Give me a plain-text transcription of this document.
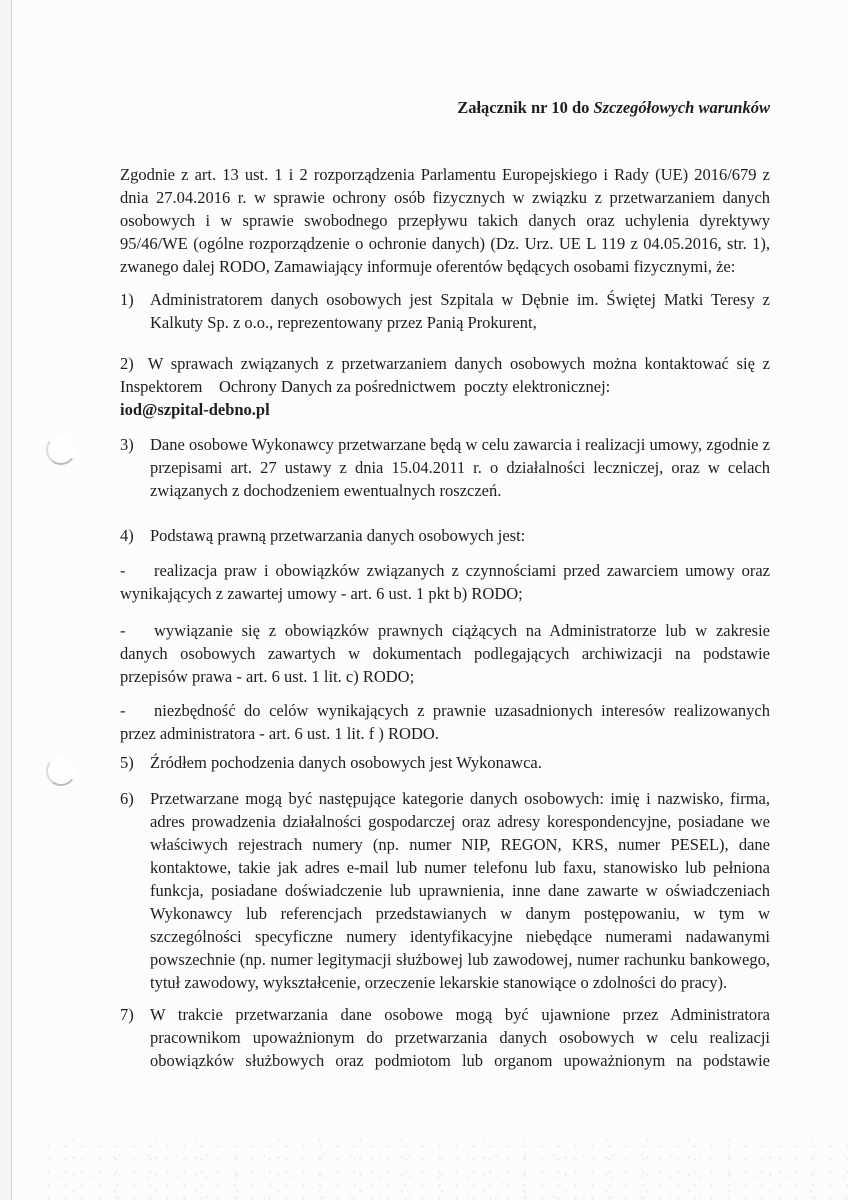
Załącznik nr 10 do Szczegółowych warunków

Zgodnie z art. 13 ust. 1 i 2 rozporządzenia Parlamentu Europejskiego i Rady (UE) 2016/679 z dnia 27.04.2016 r. w sprawie ochrony osób fizycznych w związku z przetwarzaniem danych osobowych i w sprawie swobodnego przepływu takich danych oraz uchylenia dyrektywy 95/46/WE (ogólne rozporządzenie o ochronie danych) (Dz. Urz. UE L 119 z 04.05.2016, str. 1), zwanego dalej RODO, Zamawiający informuje oferentów będących osobami fizycznymi, że:

1) Administratorem danych osobowych jest Szpitala w Dębnie im. Świętej Matki Teresy z Kalkuty Sp. z o.o., reprezentowany przez Panią Prokurent,

2) W sprawach związanych z przetwarzaniem danych osobowych można kontaktować się z Inspektorem Ochrony Danych za pośrednictwem poczty elektronicznej:

iod@szpital-debno.pl

3) Dane osobowe Wykonawcy przetwarzane będą w celu zawarcia i realizacji umowy, zgodnie z przepisami art. 27 ustawy z dnia 15.04.2011 r. o działalności leczniczej, oraz w celach związanych z dochodzeniem ewentualnych roszczeń.
4) Podstawą prawną przetwarzania danych osobowych jest:

- realizacja praw i obowiązków związanych z czynnościami przed zawarciem umowy oraz wynikających z zawartej umowy - art. 6 ust. 1 pkt b) RODO;

- wywiązanie się z obowiązków prawnych ciążących na Administratorze lub w zakresie danych osobowych zawartych w dokumentach podlegających archiwizacji na podstawie przepisów prawa - art. 6 ust. 1 lit. c) RODO;

- niezbędność do celów wynikających z prawnie uzasadnionych interesów realizowanych przez administratora - art. 6 ust. 1 lit. f ) RODO.

5) Źródłem pochodzenia danych osobowych jest Wykonawca.
6) Przetwarzane mogą być następujące kategorie danych osobowych: imię i nazwisko, firma, adres prowadzenia działalności gospodarczej oraz adresy korespondencyjne, posiadane we właściwych rejestrach numery (np. numer NIP, REGON, KRS, numer PESEL), dane kontaktowe, takie jak adres e-mail lub numer telefonu lub faxu, stanowisko lub pełniona funkcja, posiadane doświadczenie lub uprawnienia, inne dane zawarte w oświadczeniach Wykonawcy lub referencjach przedstawianych w danym postępowaniu, w tym w szczególności specyficzne numery identyfikacyjne niebędące numerami nadawanymi powszechnie (np. numer legitymacji służbowej lub zawodowej, numer rachunku bankowego, tytuł zawodowy, wykształcenie, orzeczenie lekarskie stanowiące o zdolności do pracy).
7) W trakcie przetwarzania dane osobowe mogą być ujawnione przez Administratora pracownikom upoważnionym do przetwarzania danych osobowych w celu realizacji obowiązków służbowych oraz podmiotom lub organom upoważnionym na podstawie
